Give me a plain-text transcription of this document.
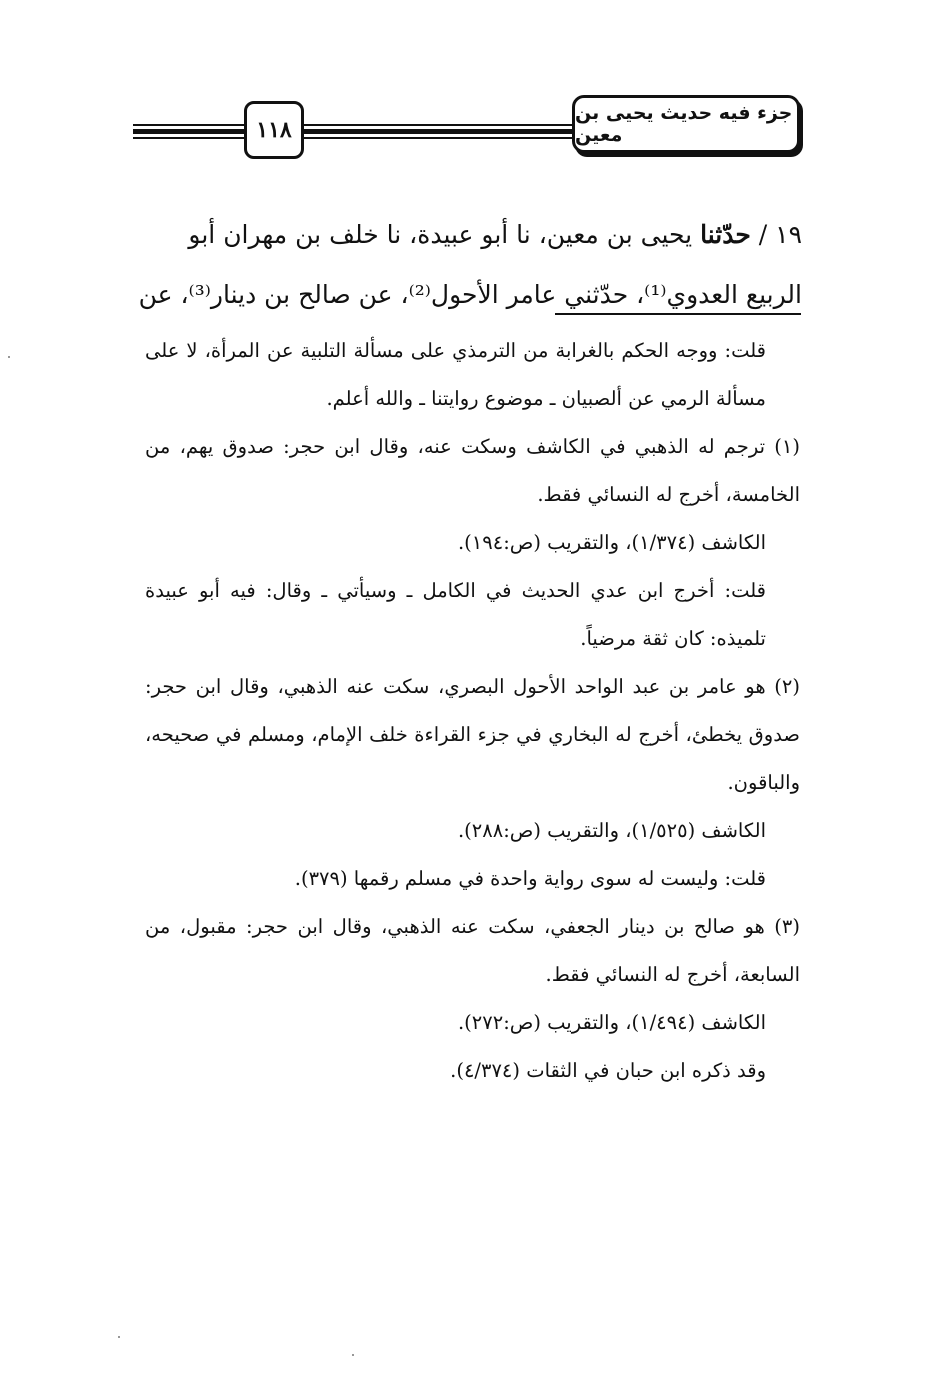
١١٨
جزء فيه حديث يحيى بن معين

١٩ / حدّثنا يحيى بن معين، نا أبو عبيدة، نا خلف بن مهران أبو

الربيع العدوي⁽¹⁾، حدّثني عامر الأحول⁽²⁾، عن صالح بن دينار⁽³⁾، عن

قلت: ووجه الحكم بالغرابة من الترمذي على مسألة التلبية عن المرأة، لا على مسألة الرمي عن ألصبيان ـ موضوع روايتنا ـ والله أعلم.

(١) ترجم له الذهبي في الكاشف وسكت عنه، وقال ابن حجر: صدوق يهم، من الخامسة، أخرج له النسائي فقط.

الكاشف (١/٣٧٤)، والتقريب (ص:١٩٤).

قلت: أخرج ابن عدي الحديث في الكامل ـ وسيأتي ـ وقال: فيه أبو عبيدة تلميذه: كان ثقة مرضياً.

(٢) هو عامر بن عبد الواحد الأحول البصري، سكت عنه الذهبي، وقال ابن حجر: صدوق يخطئ، أخرج له البخاري في جزء القراءة خلف الإمام، ومسلم في صحيحه، والباقون.

الكاشف (١/٥٢٥)، والتقريب (ص:٢٨٨).

قلت: وليست له سوى رواية واحدة في مسلم رقمها (٣٧٩).

(٣) هو صالح بن دينار الجعفي، سكت عنه الذهبي، وقال ابن حجر: مقبول، من السابعة، أخرج له النسائي فقط.

الكاشف (١/٤٩٤)، والتقريب (ص:٢٧٢).

وقد ذكره ابن حبان في الثقات (٤/٣٧٤).
